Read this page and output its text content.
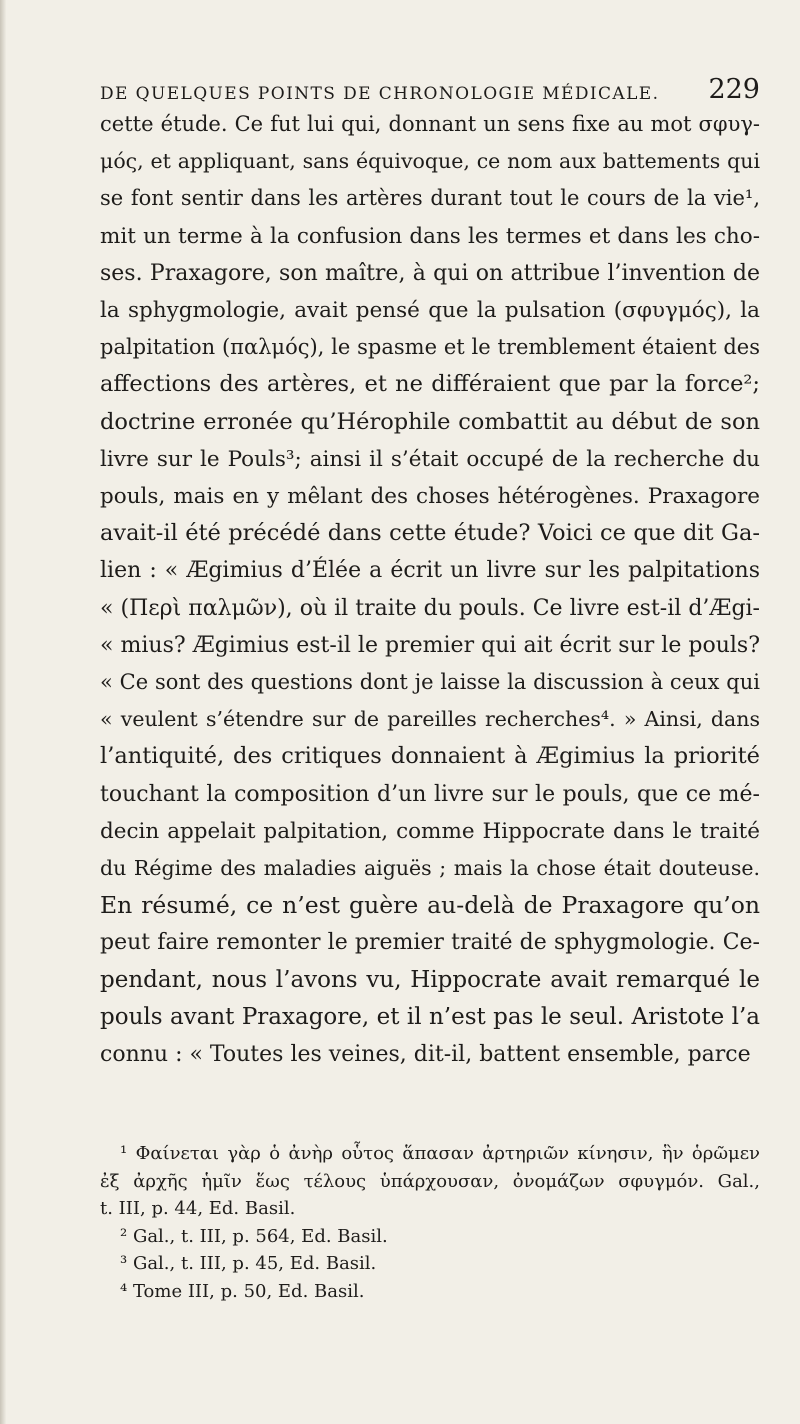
DE QUELQUES POINTS DE CHRONOLOGIE MÉDICALE. 229

cette étude. Ce fut lui qui, donnant un sens fixe au mot σφυγ-
μός, et appliquant, sans équivoque, ce nom aux battements qui
se font sentir dans les artères durant tout le cours de la vie¹,
mit un terme à la confusion dans les termes et dans les cho-
ses. Praxagore, son maître, à qui on attribue l’invention de
la sphygmologie, avait pensé que la pulsation (σφυγμός), la
palpitation (παλμός), le spasme et le tremblement étaient des
affections des artères, et ne différaient que par la force²;
doctrine erronée qu’Hérophile combattit au début de son
livre sur le Pouls³; ainsi il s’était occupé de la recherche du
pouls, mais en y mêlant des choses hétérogènes. Praxagore
avait-il été précédé dans cette étude? Voici ce que dit Ga-
lien : « Ægimius d’Élée a écrit un livre sur les palpitations
« (Περὶ παλμῶν), où il traite du pouls. Ce livre est-il d’Ægi-
« mius? Ægimius est-il le premier qui ait écrit sur le pouls?
« Ce sont des questions dont je laisse la discussion à ceux qui
« veulent s’étendre sur de pareilles recherches⁴. » Ainsi, dans
l’antiquité, des critiques donnaient à Ægimius la priorité
touchant la composition d’un livre sur le pouls, que ce mé-
decin appelait palpitation, comme Hippocrate dans le traité
du Régime des maladies aiguës ; mais la chose était douteuse.
En résumé, ce n’est guère au-delà de Praxagore qu’on
peut faire remonter le premier traité de sphygmologie. Ce-
pendant, nous l’avons vu, Hippocrate avait remarqué le
pouls avant Praxagore, et il n’est pas le seul. Aristote l’a
connu : « Toutes les veines, dit-il, battent ensemble, parce

¹ Φαίνεται γὰρ ὁ ἀνὴρ οὗτος ἅπασαν ἀρτηριῶν κίνησιν, ἣν ὁρῶμεν
ἐξ ἀρχῆς ἡμῖν ἕως τέλους ὑπάρχουσαν, ὀνομάζων σφυγμόν. Gal.,
t. III, p. 44, Ed. Basil.
² Gal., t. III, p. 564, Ed. Basil.
³ Gal., t. III, p. 45, Ed. Basil.
⁴ Tome III, p. 50, Ed. Basil.
